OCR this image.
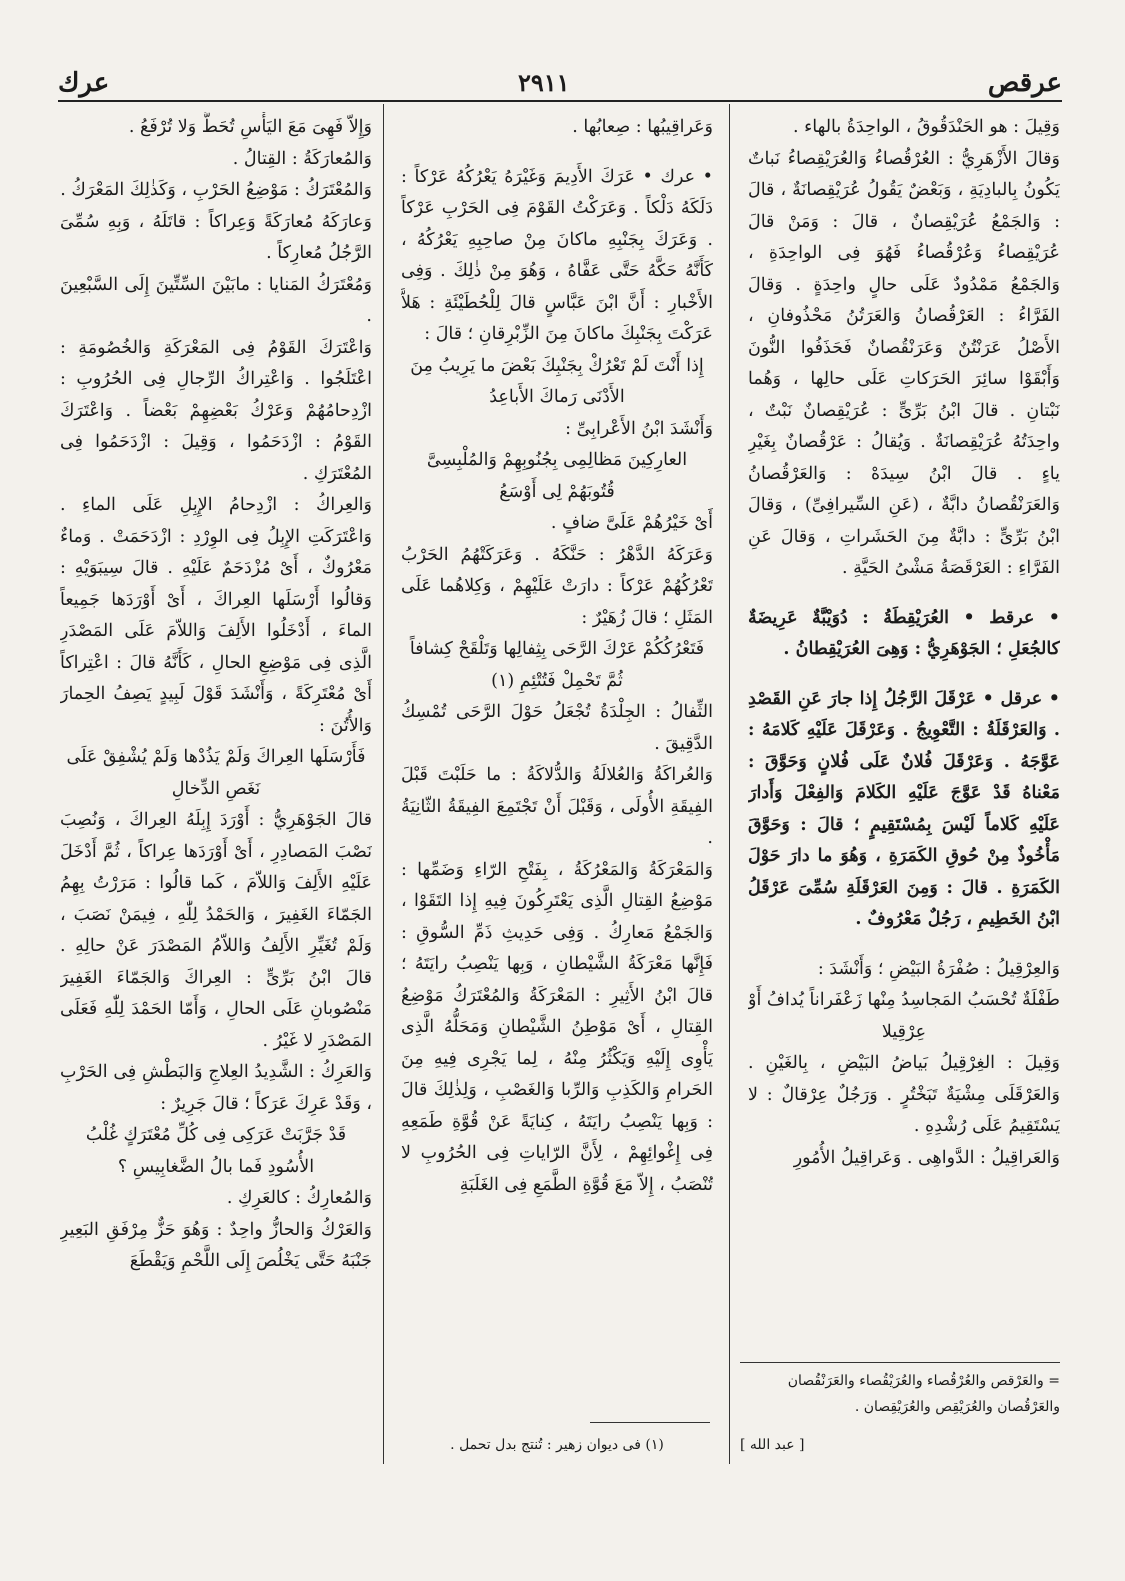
عرقص
٢٩١١
عرك

وَقِيلَ : هو الحَنْدَقُوقُ ، الواحِدَةُ بالهاء .

وَقالَ الأَزْهَرِيُّ : العُرْقُصاءُ وَالعُرَيْقِصاءُ نَباتٌ يَكُونُ بِالبادِيَةِ ، وَبَعْضٌ يَقُولُ عُرَيْقِصانَةٌ ، قالَ : وَالجَمْعُ عُرَيْقِصانٌ ، قالَ : وَمَنْ قالَ عُرَيْقِصاءُ وَعُرْقُصاءُ فَهُوَ فِى الواحِدَةِ ، وَالجَمْعُ مَمْدُودٌ عَلَى حالٍ واحِدَةٍ . وَقالَ الفَرَّاءُ : العَرْقُصانُ وَالعَرَتُنُ مَحْذُوفانِ ، الأَصْلُ عَرَنْتُنٌ وَعَرَنْقُصانٌ فَحَذَفُوا النُّونَ وَأَبْقَوْا سائِرَ الحَرَكاتِ عَلَى حالِها ، وَهُما نَبْتانِ . قالَ ابْنُ بَرِّىٍّ : عُرَيْقِصانٌ نَبْتٌ ، واحِدَتُهُ عُرَيْقِصانَةٌ . وَيُقالُ : عَرْقُصانٌ بِغَيْرِ ياءٍ . قالَ ابْنُ سِيدَهْ : وَالعَرْقُصانُ وَالعَرَنْقُصانُ دابَّةٌ ، (عَنِ السِّيرافِىِّ) ، وَقالَ ابْنُ بَرِّىٍّ : دابَّةٌ مِنَ الحَشَراتِ ، وَقالَ عَنِ الفَرَّاءِ : العَرْقَصَةُ مَشْىُ الحَيَّةِ .

• عرقط • العُرَيْقِطَةُ : دُوَيْبَّةٌ عَرِيضَةٌ كالجُعَلِ ؛ الجَوْهَرِيُّ : وَهِىَ العُرَيْقِطانُ .

• عرقل • عَرْقَلَ الرَّجُلُ إِذا جارَ عَنِ القَصْدِ . وَالعَرْقَلَةُ : التَّعْوِيجُ . وَعَرْقَلَ عَلَيْهِ كَلامَهُ : عَوَّجَهُ . وَعَرْقَلَ فُلانٌ عَلَى فُلانٍ وَحَوَّقَ : مَعْناهُ قَدْ عَوَّجَ عَلَيْهِ الكَلامَ وَالفِعْلَ وَأَدارَ عَلَيْهِ كَلاماً لَيْسَ بِمُسْتَقِيمٍ ؛ قالَ : وَحَوَّقَ مَأْخُوذٌ مِنْ حُوقِ الكَمَرَةِ ، وَهُوَ ما دارَ حَوْلَ الكَمَرَةِ . قالَ : وَمِنَ العَرْقَلَةِ سُمِّىَ عَرْقَلُ ابْنُ الخَطِيمِ ، رَجُلٌ مَعْرُوفٌ .

وَالعِرْقِيلُ : صُفْرَةُ البَيْضِ ؛ وَأَنْشَدَ :

طَفْلَةٌ تُحْسَبُ المَجاسِدُ مِنْها زَعْفَراناً يُدافُ أَوْ عِرْقِيلا

وَقِيلَ : الغِرْقِيلُ بَياضُ البَيْضِ ، بِالغَيْنِ . وَالعَرْقَلَى مِشْيَةٌ تَبَخْتُرٍ . وَرَجُلٌ عِرْقالٌ : لا يَسْتَقِيمُ عَلَى رُشْدِهِ .

وَالعَراقِيلُ : الدَّواهِى . وَعَراقِيلُ الأُمُورِ

= والعَرْقص والعُرْقُصاء والعُرَيْقُصاء والعَرَنْقُصان والعَرْقُصان والعُرَيْقِص والعُرَيْقِصان .
[ عبد الله ]

وَعَراقِيبُها : صِعابُها .

• عرك • عَرَكَ الأَدِيمَ وَغَيْرَهُ يَعْرُكُهُ عَرْكاً : دَلَكَهُ دَلْكاً . وَعَرَكْتُ القَوْمَ فِى الحَرْبِ عَرْكاً . وَعَرَكَ بِجَنْبِهِ ماكانَ مِنْ صاحِبِهِ يَعْرُكُهُ ، كَأَنَّهُ حَكَّهُ حَتَّى عَفَّاهُ ، وَهُوَ مِنْ ذٰلِكَ . وَفِى الأَخْبارِ : أَنَّ ابْنَ عَبَّاسٍ قالَ لِلْحُطَيْئَةِ : هَلاَّ عَرَكْتَ بِجَنْبِكَ ماكانَ مِنَ الزِّبْرِقانِ ؛ قالَ :

إِذا أَنْتَ لَمْ تَعْرُكْ بِجَنْبِكَ بَعْضَ ما يَرِيبُ مِنَ الأَدْنَى رَماكَ الأَباعِدُ

وَأَنْشَدَ ابْنُ الأَعْرابِىِّ :

العارِكِينَ مَظالِمِى بِجُنُوبِهِمْ وَالمُلْبِسِىَّ قُتُوبَهُمْ لِى أَوْسَعُ

أَىْ خَيْرُهُمْ عَلَىَّ ضافٍ .

وَعَرَكَهُ الدَّهْرُ : حَنَّكَهُ . وَعَرَكَتْهُمُ الحَرْبُ تَعْرُكُهُمْ عَرْكاً : دارَتْ عَلَيْهِمْ ، وَكِلاهُما عَلَى المَثَلِ ؛ قالَ زُهَيْرٌ :

فَتَعْرُكُكُمْ عَرْكَ الرَّحَى بِثِفالِها وَتَلْقَحْ كِشافاً ثُمَّ تَحْمِلْ فَتُتْئِمِ (١)

الثِّفالُ : الجِلْدَةُ تُجْعَلُ حَوْلَ الرَّحَى تُمْسِكُ الدَّقِيقَ .

وَالعُراكَةُ وَالعُلالَةُ وَالدُّلاكَةُ : ما حَلَبْتَ قَبْلَ الفِيقَةِ الأُولَى ، وَقَبْلَ أَنْ تَجْتَمِعَ الفِيقَةُ الثّانِيَةُ .

وَالمَعْرَكَةُ وَالمَعْرُكَةُ ، بِفَتْحِ الرّاءِ وَضَمِّها : مَوْضِعُ القِتالِ الَّذِى يَعْتَرِكُونَ فِيهِ إِذا التَقَوْا ، وَالجَمْعُ مَعارِكُ . وَفِى حَدِيثِ ذَمِّ السُّوقِ : فَإِنَّها مَعْرَكَةُ الشَّيْطانِ ، وَبِها يَنْصِبُ رايَتَهُ ؛ قالَ ابْنُ الأَثِيرِ : المَعْرَكَةُ وَالمُعْتَرَكُ مَوْضِعُ القِتالِ ، أَىْ مَوْطِنُ الشَّيْطانِ وَمَحَلُّهُ الَّذِى يَأْوِى إِلَيْهِ وَيَكْثُرُ مِنْهُ ، لِما يَجْرِى فِيهِ مِنَ الحَرامِ وَالكَذِبِ وَالرِّبا وَالغَصْبِ ، وَلِذٰلِكَ قالَ : وَبِها يَنْصِبُ رايَتَهُ ، كِنايَةً عَنْ قُوَّةِ طَمَعِهِ فِى إِغْوائِهِمْ ، لِأَنَّ الرّاياتِ فِى الحُرُوبِ لا تُنْصَبُ ، إِلاّ مَعَ قُوَّةِ الطَّمَعِ فِى الغَلَبَةِ

(١) فى ديوان زهير : تُنتج بدل تحمل .

وَإِلاّ فَهِىَ مَعَ اليَأْسِ تُحَطُّ وَلا تُرْفَعُ .

وَالمُعارَكَةُ : القِتالُ .

وَالمُعْتَرَكُ : مَوْضِعُ الحَرْبِ ، وَكَذٰلِكَ المَعْرَكُ .

وَعارَكَهُ مُعارَكَةً وَعِراكاً : قاتَلَهُ ، وَبِهِ سُمِّىَ الرَّجُلُ مُعارِكاً .

وَمُعْتَرَكُ المَنايا : مابَيْنَ السِّتِّينَ إِلَى السَّبْعِينَ .

وَاعْتَرَكَ القَوْمُ فِى المَعْرَكَةِ وَالخُصُومَةِ : اعْتَلَجُوا . وَاعْتِراكُ الرِّجالِ فِى الحُرُوبِ : ازْدِحامُهُمْ وَعَرْكُ بَعْضِهِمْ بَعْضاً . وَاعْتَرَكَ القَوْمُ : ازْدَحَمُوا ، وَقِيلَ : ازْدَحَمُوا فِى المُعْتَرَكِ .

وَالعِراكُ : ازْدِحامُ الإِبِلِ عَلَى الماءِ . وَاعْتَرَكَتِ الإِبِلُ فِى الوِرْدِ : ازْدَحَمَتْ . وَماءٌ مَعْرُوكٌ ، أَىْ مُزْدَحَمٌ عَلَيْهِ . قالَ سِيبَوَيْهِ : وَقالُوا أَرْسَلَها العِراكَ ، أَىْ أَوْرَدَها جَمِيعاً الماءَ ، أَدْخَلُوا الأَلِفَ وَاللاّمَ عَلَى المَصْدَرِ الَّذِى فِى مَوْضِعِ الحالِ ، كَأَنَّهُ قالَ : اعْتِراكاً أَىْ مُعْتَرِكَةً ، وَأَنْشَدَ قَوْلَ لَبِيدٍ يَصِفُ الحِمارَ وَالأُتُنَ :

فَأَرْسَلَها العِراكَ وَلَمْ يَذُدْها وَلَمْ يُشْفِقْ عَلَى نَغَصِ الدِّخالِ

قالَ الجَوْهَرِيُّ : أَوْرَدَ إِبِلَهُ العِراكَ ، وَنُصِبَ نَصْبَ المَصادِرِ ، أَىْ أَوْرَدَها عِراكاً ، ثُمَّ أَدْخَلَ عَلَيْهِ الأَلِفَ وَاللاّمَ ، كَما قالُوا : مَرَرْتُ بِهِمُ الجَمّاءَ الغَفِيرَ ، وَالحَمْدُ لِلّٰهِ ، فِيمَنْ نَصَبَ ، وَلَمْ تُغَيِّرِ الأَلِفُ وَاللاّمُ المَصْدَرَ عَنْ حالِهِ . قالَ ابْنُ بَرِّىٍّ : العِراكَ وَالجَمّاءَ الغَفِيرَ مَنْصُوبانِ عَلَى الحالِ ، وَأَمّا الحَمْدَ لِلّٰهِ فَعَلَى المَصْدَرِ لا غَيْرُ .

وَالعَرِكُ : الشَّدِيدُ العِلاجِ وَالبَطْشِ فِى الحَرْبِ ، وَقَدْ عَرِكَ عَرَكاً ؛ قالَ جَرِيرٌ :

قَدْ جَرَّبَتْ عَرَكِى فِى كُلِّ مُعْتَرَكٍ غُلْبُ الأُسُودِ فَما بالُ الضَّغابِيسِ ؟

وَالمُعارِكُ : كالعَرِكِ .

وَالعَرْكُ وَالحازُّ واحِدٌ : وَهُوَ حَزٌّ مِرْفَقِ البَعِيرِ جَنْبَهُ حَتَّى يَخْلُصَ إِلَى اللَّحْمِ وَيَقْطَعَ
